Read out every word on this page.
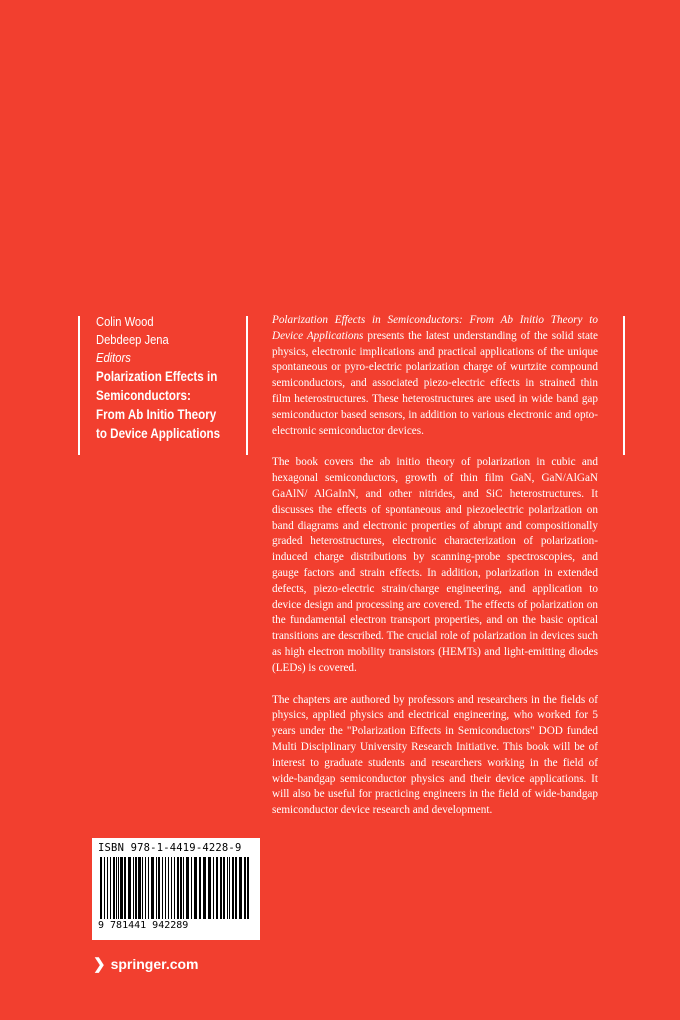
Colin Wood
Debdeep Jena
Editors
Polarization Effects in
Semiconductors:
From Ab Initio Theory
to Device Applications

Polarization Effects in Semiconductors: From Ab Initio Theory to Device Applications presents the latest understanding of the solid state physics, electronic implications and practical applications of the unique spontaneous or pyro-electric polarization charge of wurtzite compound semiconductors, and associated piezo-electric effects in strained thin film heterostructures. These heterostructures are used in wide band gap semiconductor based sensors, in addition to various electronic and opto-electronic semiconductor devices.

The book covers the ab initio theory of polarization in cubic and hexagonal semiconductors, growth of thin film GaN, GaN/AlGaN GaAlN/ AlGaInN, and other nitrides, and SiC heterostructures. It discusses the effects of spontaneous and piezoelectric polarization on band diagrams and electronic properties of abrupt and compositionally graded heterostructures, electronic characterization of polarization-induced charge distributions by scanning-probe spectroscopies, and gauge factors and strain effects. In addition, polarization in extended defects, piezo-electric strain/charge engineering, and application to device design and processing are covered. The effects of polarization on the fundamental electron transport properties, and on the basic optical transitions are described. The crucial role of polarization in devices such as high electron mobility transistors (HEMTs) and light-emitting diodes (LEDs) is covered.

The chapters are authored by professors and researchers in the fields of physics, applied physics and electrical engineering, who worked for 5 years under the "Polarization Effects in Semiconductors" DOD funded Multi Disciplinary University Research Initiative. This book will be of interest to graduate students and researchers working in the field of wide-bandgap semiconductor physics and their device applications. It will also be useful for practicing engineers in the field of wide-bandgap semiconductor device research and development.

ISBN 978-1-4419-4228-9
9 781441 942289
❯ springer.com
